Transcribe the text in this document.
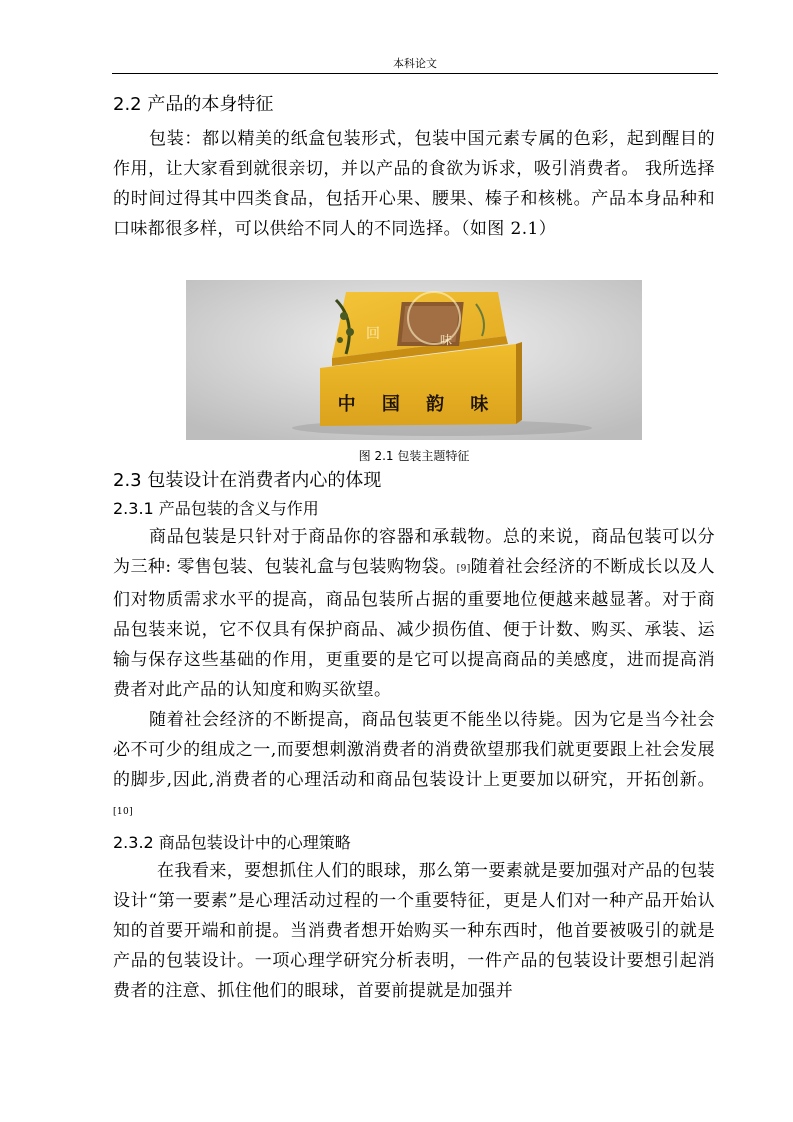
本科论文
2.2 产品的本身特征

包装：都以精美的纸盒包装形式，包装中国元素专属的色彩，起到醒目的作用，让大家看到就很亲切，并以产品的食欲为诉求，吸引消费者。 我所选择的时间过得其中四类食品，包括开心果、腰果、榛子和核桃。产品本身品种和口味都很多样，可以供给不同人的不同选择。（如图 2.1）

回	味
中 国 韵 味
图 2.1 包装主题特征
2.3 包装设计在消费者内心的体现
2.3.1 产品包装的含义与作用

商品包装是只针对于商品你的容器和承载物。总的来说，商品包装可以分为三种: 零售包装、包装礼盒与包装购物袋。[9]随着社会经济的不断成长以及人们对物质需求水平的提高，商品包装所占据的重要地位便越来越显著。对于商品包装来说，它不仅具有保护商品、减少损伤值、便于计数、购买、承装、运输与保存这些基础的作用，更重要的是它可以提高商品的美感度，进而提高消费者对此产品的认知度和购买欲望。

随着社会经济的不断提高，商品包装更不能坐以待毙。因为它是当今社会必不可少的组成之一,而要想刺激消费者的消费欲望那我们就更要跟上社会发展的脚步,因此,消费者的心理活动和商品包装设计上更要加以研究，开拓创新。[10]

2.3.2 商品包装设计中的心理策略

在我看来，要想抓住人们的眼球，那么第一要素就是要加强对产品的包装设计“第一要素”是心理活动过程的一个重要特征，更是人们对一种产品开始认知的首要开端和前提。当消费者想开始购买一种东西时，他首要被吸引的就是产品的包装设计。一项心理学研究分析表明，一件产品的包装设计要想引起消费者的注意、抓住他们的眼球，首要前提就是加强并
